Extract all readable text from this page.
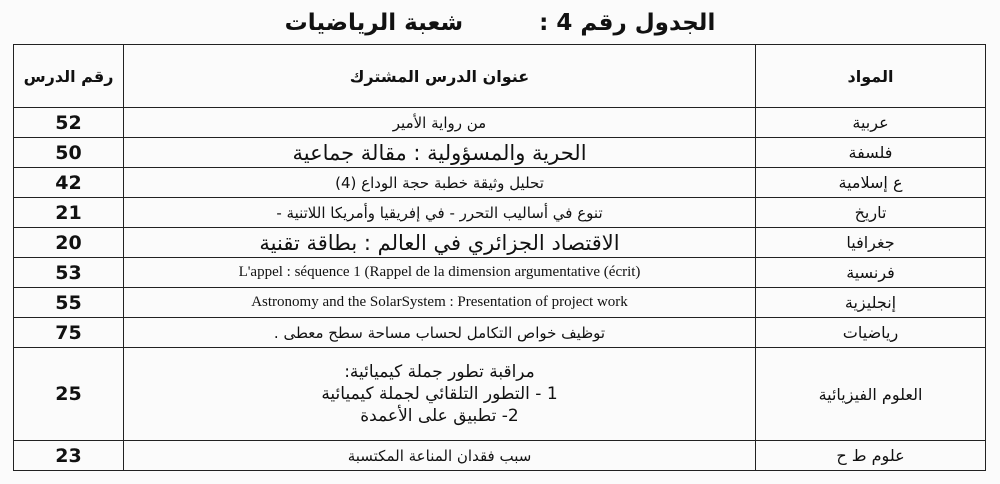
الجدول رقم 4 :  شعبة الرياضيات
المواد	عنوان الدرس المشترك	رقم الدرس
عربية	من رواية الأمير	52
فلسفة	الحرية والمسؤولية : مقالة جماعية	50
ع إسلامية	تحليل وثيقة خطبة حجة الوداع (4)	42
تاريخ	تنوع في أساليب التحرر - في إفريقيا وأمريكا اللاتنية -	21
جغرافيا	الاقتصاد الجزائري في العالم : بطاقة تقنية	20
فرنسية	L'appel : séquence 1 (Rappel de la dimension argumentative (écrit)	53
إنجليزية	Astronomy and the SolarSystem : Presentation of project work	55
رياضيات	توظيف خواص التكامل لحساب مساحة سطح معطى .	75
العلوم الفيزيائية	مراقبة تطور جملة كيميائية:
1 - التطور التلقائي لجملة كيميائية
2- تطبيق على الأعمدة	25
علوم ط ح	سبب فقدان المناعة المكتسبة	23
